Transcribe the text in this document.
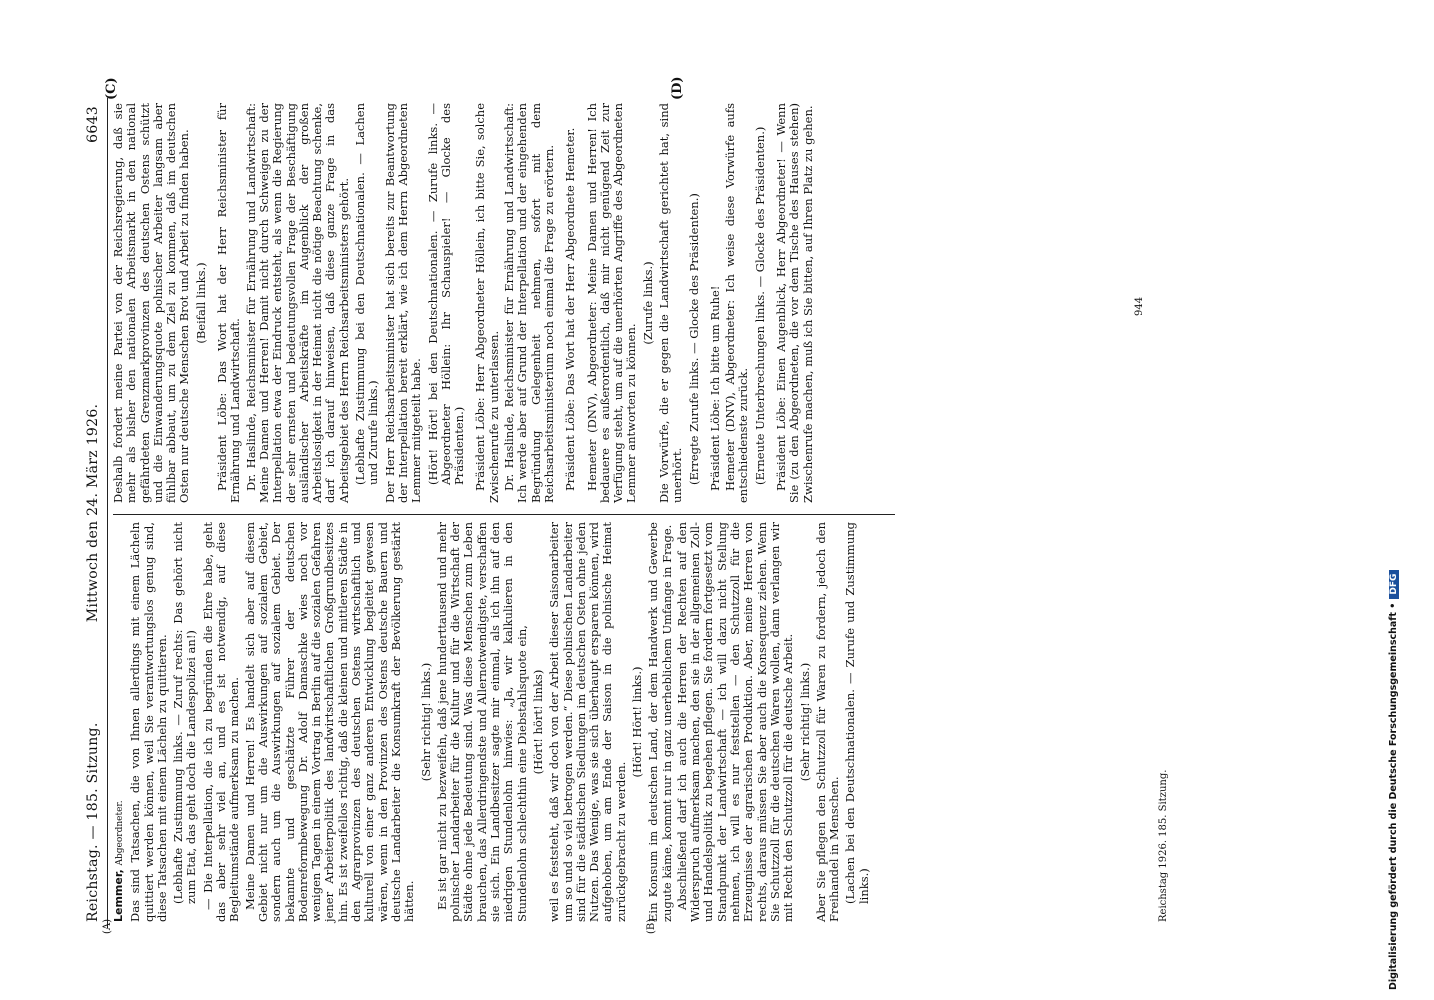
Reichstag. — 185. Sitzung.
Mittwoch den 24. März 1926.
6643
(A)	(B)
(C)	(D)

Lemmer, Abgeordneter. Das sind Tatsachen, die von Ihnen allerdings mit einem Lächeln quittiert werden können, weil Sie verantwortungslos genug sind, diese Tatsachen mit einem Lächeln zu quittieren. (Lebhafte Zustimmung links. — Zuruf rechts: Das gehört nicht zum Etat, das geht doch die Landespolizei an!) — Die Interpellation, die ich zu begründen die Ehre habe, geht das aber sehr viel an, und es ist notwendig, auf diese Begleitumstände aufmerksam zu machen. Meine Damen und Herren! Es handelt sich aber auf diesem Gebiet nicht nur um die Auswirkungen auf sozialem Gebiet, sondern auch um die Auswirkungen auf sozialem Gebiet. Der bekannte und geschätzte Führer der deutschen Bodenreformbewegung Dr. Adolf Damaschke wies noch vor wenigen Tagen in einem Vortrag in Berlin auf die sozialen Gefahren jener Arbeiterpolitik des landwirtschaftlichen Großgrundbesitzes hin. Es ist zweifellos richtig, daß die kleinen und mittleren Städte in den Agrarprovinzen des deutschen Ostens wirtschaftlich und kulturell von einer ganz anderen Entwicklung begleitet gewesen wären, wenn in den Provinzen des Ostens deutsche Bauern und deutsche Landarbeiter die Konsumkraft der Bevölkerung gestärkt hätten.

(Sehr richtig! links.) Es ist gar nicht zu bezweifeln, daß jene hunderttausend und mehr polnischer Landarbeiter für die Kultur und für die Wirtschaft der Städte ohne jede Bedeutung sind. Was diese Menschen zum Leben brauchen, das Allerdringendste und Allernotwendigste, verschaffen sie sich. Ein Landbesitzer sagte mir einmal, als ich ihn auf den niedrigen Stundenlohn hinwies: „Ja, wir kalkulieren in den Stundenlohn schlechthin eine Diebstahlsquote ein, (Hört! hört! links) weil es feststeht, daß wir doch von der Arbeit dieser Saisonarbeiter um so und so viel betrogen werden.“ Diese polnischen Landarbeiter sind für die städtischen Siedlungen im deutschen Osten ohne jeden Nutzen. Das Wenige, was sie sich überhaupt ersparen können, wird aufgehoben, um am Ende der Saison in die polnische Heimat zurückgebracht zu werden.

(Hört! Hört! links.) Ein Konsum im deutschen Land, der dem Handwerk und Gewerbe zugute käme, kommt nur in ganz unerheblichem Umfange in Frage. Abschließend darf ich auch die Herren der Rechten auf den Widerspruch aufmerksam machen, den sie in der allgemeinen Zoll- und Handelspolitik zu begehen pflegen. Sie fordern fortgesetzt vom Standpunkt der Landwirtschaft — ich will dazu nicht Stellung nehmen, ich will es nur feststellen — den Schutzzoll für die Erzeugnisse der agrarischen Produktion. Aber, meine Herren von rechts, daraus müssen Sie aber auch die Konsequenz ziehen. Wenn Sie Schutzzoll für die deutschen Waren wollen, dann verlangen wir mit Recht den Schutzzoll für die deutsche Arbeit. (Sehr richtig! links.) Aber Sie pflegen den Schutzzoll für Waren zu fordern, jedoch den Freihandel in Menschen. (Lachen bei den Deutschnationalen. — Zurufe und Zustimmung links.)

Deshalb fordert meine Partei von der Reichsregierung, daß sie mehr als bisher den nationalen Arbeitsmarkt in den national gefährdeten Grenzmarkprovinzen des deutschen Ostens schützt und die Einwanderungsquote polnischer Arbeiter langsam aber fühlbar abbaut, um zu dem Ziel zu kommen, daß im deutschen Osten nur deutsche Menschen Brot und Arbeit zu finden haben. (Beifall links.) Präsident Löbe: Das Wort hat der Herr Reichsminister für Ernährung und Landwirtschaft. Dr. Haslinde, Reichsminister für Ernährung und Landwirtschaft: Meine Damen und Herren! Damit nicht durch Schweigen zu der Interpellation etwa der Eindruck entsteht, als wenn die Regierung der sehr ernsten und bedeutungsvollen Frage der Beschäftigung ausländischer Arbeitskräfte im Augenblick der großen Arbeitslosigkeit in der Heimat nicht die nötige Beachtung schenke, darf ich darauf hinweisen, daß diese ganze Frage in das Arbeitsgebiet des Herrn Reichsarbeitsministers gehört. (Lebhafte Zustimmung bei den Deutschnationalen. — Lachen und Zurufe links.) Der Herr Reichsarbeitsminister hat sich bereits zur Beantwortung der Interpellation bereit erklärt, wie ich dem Herrn Abgeordneten Lemmer mitgeteilt habe. (Hört! Hört! bei den Deutschnationalen. — Zurufe links. — Abgeordneter Höllein: Ihr Schauspieler! — Glocke des Präsidenten.) Präsident Löbe: Herr Abgeordneter Höllein, ich bitte Sie, solche Zwischenrufe zu unterlassen. Dr. Haslinde, Reichsminister für Ernährung und Landwirtschaft: Ich werde aber auf Grund der Interpellation und der eingehenden Begründung Gelegenheit nehmen, sofort mit dem Reichsarbeitsministerium noch einmal die Frage zu erörtern. Präsident Löbe: Das Wort hat der Herr Abgeordnete Hemeter. Hemeter (DNV), Abgeordneter: Meine Damen und Herren! Ich bedauere es außerordentlich, daß mir nicht genügend Zeit zur Verfügung steht, um auf die unerhörten Angriffe des Abgeordneten Lemmer antworten zu können.

(Zurufe links.) Die Vorwürfe, die er gegen die Landwirtschaft gerichtet hat, sind unerhört. (Erregte Zurufe links. — Glocke des Präsidenten.) Präsident Löbe: Ich bitte um Ruhe! Hemeter (DNV), Abgeordneter: Ich weise diese Vorwürfe aufs entschiedenste zurück. (Erneute Unterbrechungen links. — Glocke des Präsidenten.) Präsident Löbe: Einen Augenblick, Herr Abgeordneter! — Wenn Sie (zu den Abgeordneten, die vor dem Tische des Hauses stehen) Zwischenrufe machen, muß ich Sie bitten, auf Ihren Platz zu gehen.

Reichstag 1926. 185. Sitzung.
944
Digitalisierung gefördert durch die Deutsche Forschungsgemeinschaft •DFG
